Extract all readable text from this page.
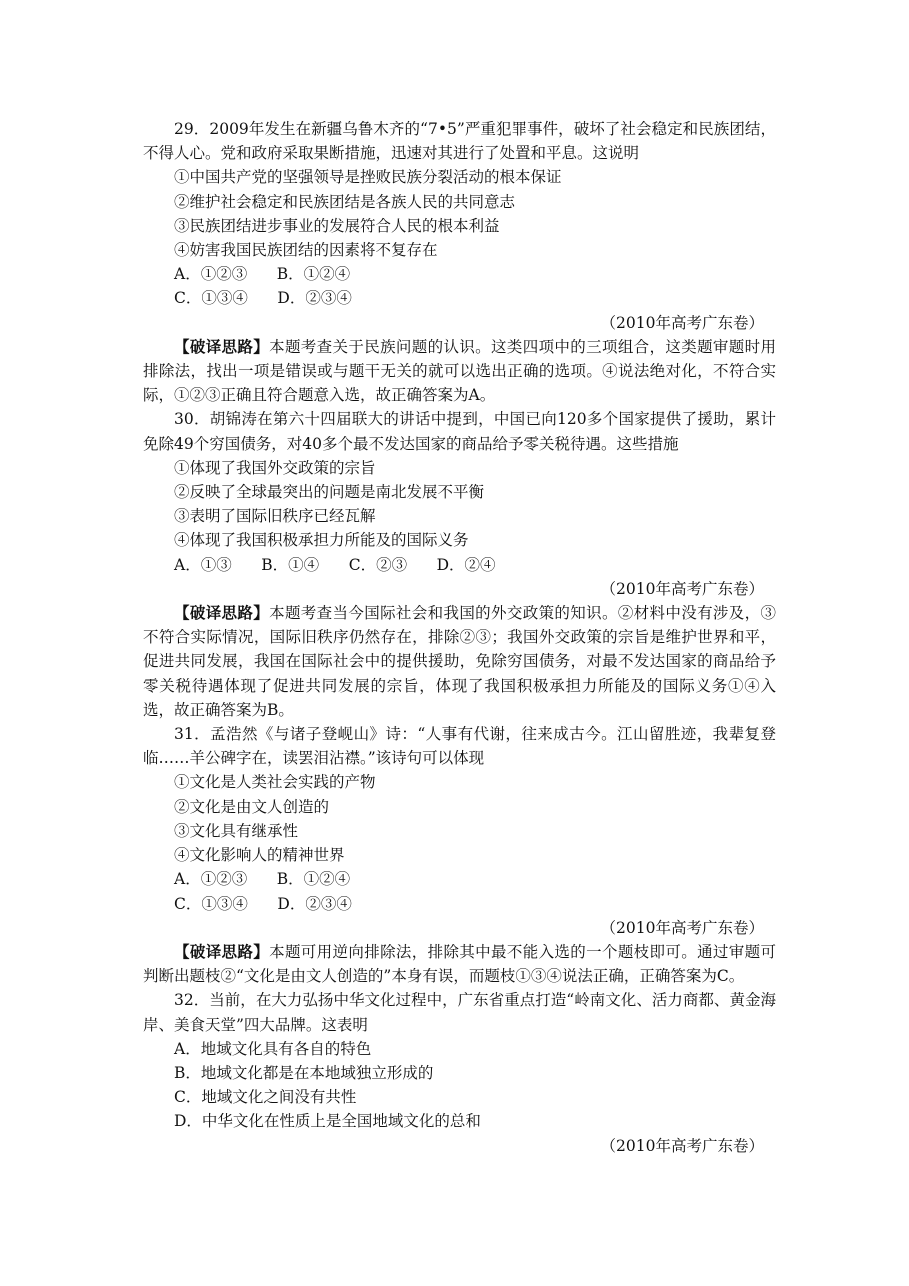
29．2009年发生在新疆乌鲁木齐的“7•5”严重犯罪事件，破坏了社会稳定和民族团结，不得人心。党和政府采取果断措施，迅速对其进行了处置和平息。这说明

①中国共产党的坚强领导是挫败民族分裂活动的根本保证

②维护社会稳定和民族团结是各族人民的共同意志

③民族团结进步事业的发展符合人民的根本利益

④妨害我国民族团结的因素将不复存在

A．①②③      B．①②④

C．①③④      D．②③④

（2010年高考广东卷）

【破译思路】本题考查关于民族问题的认识。这类四项中的三项组合，这类题审题时用排除法，找出一项是错误或与题干无关的就可以选出正确的选项。④说法绝对化，不符合实际，①②③正确且符合题意入选，故正确答案为A。

30．胡锦涛在第六十四届联大的讲话中提到，中国已向120多个国家提供了援助，累计免除49个穷国债务，对40多个最不发达国家的商品给予零关税待遇。这些措施

①体现了我国外交政策的宗旨

②反映了全球最突出的问题是南北发展不平衡

③表明了国际旧秩序已经瓦解

④体现了我国积极承担力所能及的国际义务

A．①③      B．①④      C．②③      D．②④

（2010年高考广东卷）

【破译思路】本题考查当今国际社会和我国的外交政策的知识。②材料中没有涉及，③不符合实际情况，国际旧秩序仍然存在，排除②③；我国外交政策的宗旨是维护世界和平，促进共同发展，我国在国际社会中的提供援助，免除穷国债务，对最不发达国家的商品给予零关税待遇体现了促进共同发展的宗旨，体现了我国积极承担力所能及的国际义务①④入选，故正确答案为B。

31．孟浩然《与诸子登岘山》诗：“人事有代谢，往来成古今。江山留胜迹，我辈复登临……羊公碑字在，读罢泪沾襟。”该诗句可以体现

①文化是人类社会实践的产物

②文化是由文人创造的

③文化具有继承性

④文化影响人的精神世界

A．①②③      B．①②④

C．①③④      D．②③④

（2010年高考广东卷）

【破译思路】本题可用逆向排除法，排除其中最不能入选的一个题枝即可。通过审题可判断出题枝②“文化是由文人创造的”本身有误，而题枝①③④说法正确，正确答案为C。

32．当前，在大力弘扬中华文化过程中，广东省重点打造“岭南文化、活力商都、黄金海岸、美食天堂”四大品牌。这表明

A．地域文化具有各自的特色

B．地域文化都是在本地域独立形成的

C．地域文化之间没有共性

D．中华文化在性质上是全国地域文化的总和

（2010年高考广东卷）
